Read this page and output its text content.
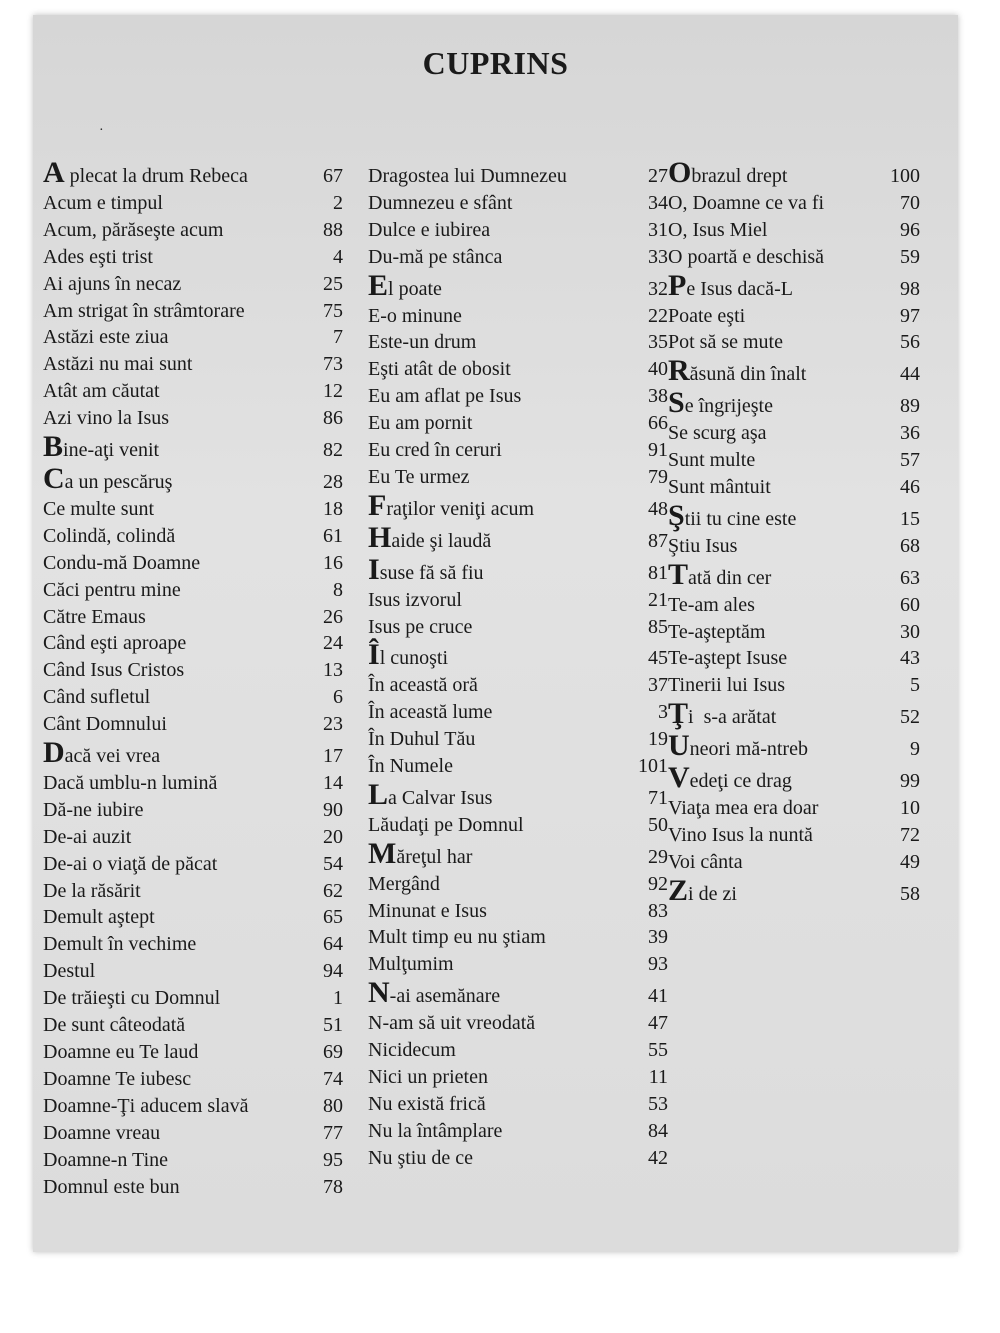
CUPRINS
·
A plecat la drum Rebeca	67
Acum e timpul	2
Acum, părăseşte acum	88
Ades eşti trist	4
Ai ajuns în necaz	25
Am strigat în strâmtorare	75
Astăzi este ziua	7
Astăzi nu mai sunt	73
Atât am căutat	12
Azi vino la Isus	86
Bine-aţi venit	82
Ca un pescăruş	28
Ce multe sunt	18
Colindă, colindă	61
Condu-mă Doamne	16
Căci pentru mine	8
Către Emaus	26
Când eşti aproape	24
Când Isus Cristos	13
Când sufletul	6
Cânt Domnului	23
Dacă vei vrea	17
Dacă umblu-n lumină	14
Dă-ne iubire	90
De-ai auzit	20
De-ai o viaţă de păcat	54
De la răsărit	62
Demult aştept	65
Demult în vechime	64
Destul	94
De trăieşti cu Domnul	1
De sunt câteodată	51
Doamne eu Te laud	69
Doamne Te iubesc	74
Doamne-Ţi aducem slavă	80
Doamne vreau	77
Doamne-n Tine	95
Domnul este bun	78
Dragostea lui Dumnezeu	27
Dumnezeu e sfânt	34
Dulce e iubirea	31
Du-mă pe stânca	33
El poate	32
E-o minune	22
Este-un drum	35
Eşti atât de obosit	40
Eu am aflat pe Isus	38
Eu am pornit	66
Eu cred în ceruri	91
Eu Te urmez	79
Fraţilor veniţi acum	48
Haide şi laudă	87
Isuse fă să fiu	81
Isus izvorul	21
Isus pe cruce	85
Îl cunoşti	45
În această oră	37
În această lume	3
În Duhul Tău	19
În Numele	101
La Calvar Isus	71
Lăudaţi pe Domnul	50
Măreţul har	29
Mergând	92
Minunat e Isus	83
Mult timp eu nu ştiam	39
Mulţumim	93
N-ai asemănare	41
N-am să uit vreodată	47
Nicidecum	55
Nici un prieten	11
Nu există frică	53
Nu la întâmplare	84
Nu ştiu de ce	42
Obrazul drept	100
O, Doamne ce va fi	70
O, Isus Miel	96
O poartă e deschisă	59
Pe Isus dacă-L	98
Poate eşti	97
Pot să se mute	56
Răsună din înalt	44
Se îngrijeşte	89
Se scurg aşa	36
Sunt multe	57
Sunt mântuit	46
Ştii tu cine este	15
Ştiu Isus	68
Tată din cer	63
Te-am ales	60
Te-aşteptăm	30
Te-aştept Isuse	43
Tinerii lui Isus	5
Ţi  s-a arătat	52
Uneori mă-ntreb	9
Vedeţi ce drag	99
Viaţa mea era doar	10
Vino Isus la nuntă	72
Voi cânta	49
Zi de zi	58
